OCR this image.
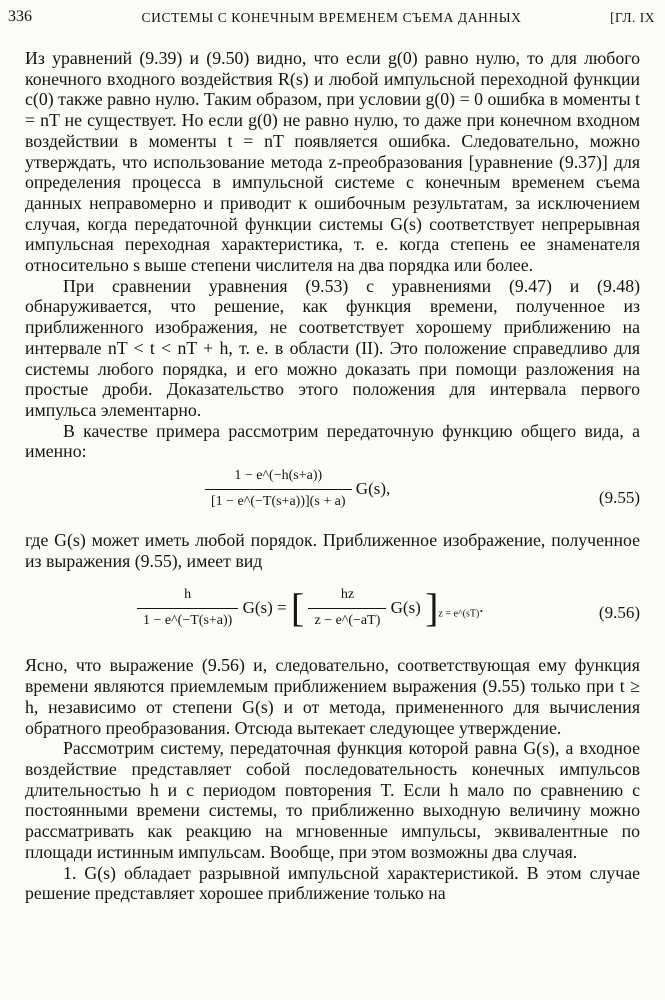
336	СИСТЕМЫ С КОНЕЧНЫМ ВРЕМЕНЕМ СЪЕМА ДАННЫХ	[ГЛ. IX

Из уравнений (9.39) и (9.50) видно, что если g(0) равно нулю, то для любого конечного входного воздействия R(s) и любой импульсной переходной функции c(0) также равно нулю. Таким образом, при условии g(0) = 0 ошибка в моменты t = nT не существует. Но если g(0) не равно нулю, то даже при конечном входном воздействии в моменты t = nT появляется ошибка. Следовательно, можно утверждать, что использование метода z-преобразования [уравнение (9.37)] для определения процесса в импульсной системе с конечным временем съема данных неправомерно и приводит к ошибочным результатам, за исключением случая, когда передаточной функции системы G(s) соответствует непрерывная импульсная переходная характеристика, т. е. когда степень ее знаменателя относительно s выше степени числителя на два порядка или более.

При сравнении уравнения (9.53) с уравнениями (9.47) и (9.48) обнаруживается, что решение, как функция времени, полученное из приближенного изображения, не соответствует хорошему приближению на интервале nT < t < nT + h, т. е. в области (II). Это положение справедливо для системы любого порядка, и его можно доказать при помощи разложения на простые дроби. Доказательство этого положения для интервала первого импульса элементарно.

В качестве примера рассмотрим передаточную функцию общего вида, а именно:

$\frac{1 - e\^{}(-h(s+a))}{[1 - e\^{}(-T(s+a))](s + a)} G(s)$,	(9.55)

где G(s) может иметь любой порядок. Приближенное изображение, полученное из выражения (9.55), имеет вид

$\frac{h}{1 - e\^{}(-T(s+a))} G(s)$ = [ $\frac{hz}{z - e\^{}(-aT)} G(s)$ ]$_{z = e\^{}(sT)}$.	(9.56)

Ясно, что выражение (9.56) и, следовательно, соответствующая ему функция времени являются приемлемым приближением выражения (9.55) только при t ≥ h, независимо от степени G(s) и от метода, примененного для вычисления обратного преобразования. Отсюда вытекает следующее утверждение.

Рассмотрим систему, передаточная функция которой равна G(s), а входное воздействие представляет собой последовательность конечных импульсов длительностью h и с периодом повторения T. Если h мало по сравнению с постоянными времени системы, то приближенно выходную величину можно рассматривать как реакцию на мгновенные импульсы, эквивалентные по площади истинным импульсам. Вообще, при этом возможны два случая.

1. G(s) обладает разрывной импульсной характеристикой. В этом случае решение представляет хорошее приближение только на
